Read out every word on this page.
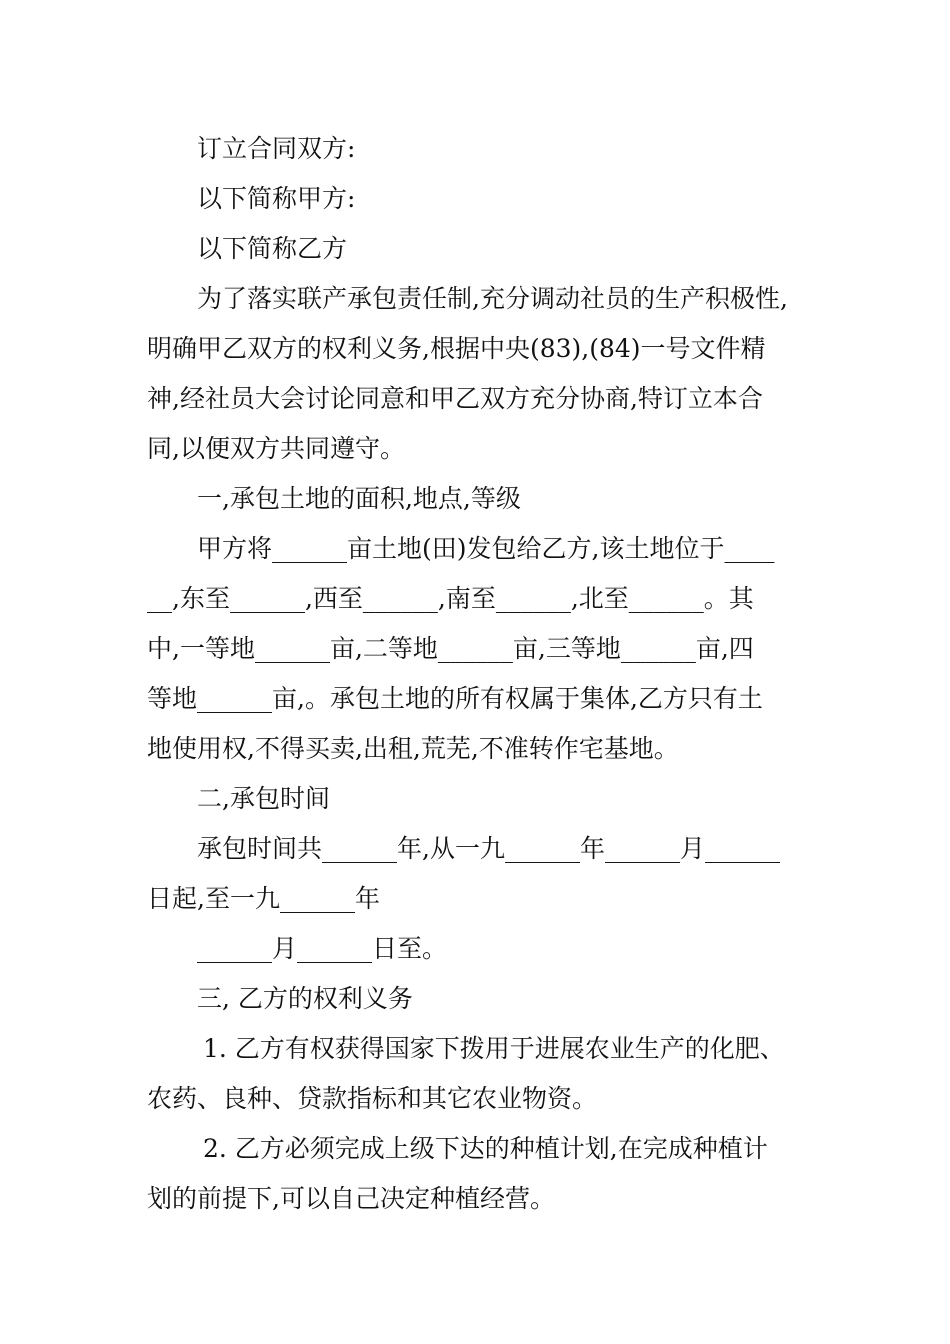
订立合同双方:
以下简称甲方:
以下简称乙方
为了落实联产承包责任制,充分调动社员的生产积极性,
明确甲乙双方的权利义务,根据中央(83),(84)一号文件精
神,经社员大会讨论同意和甲乙双方充分协商,特订立本合
同,以便双方共同遵守。
一,承包土地的面积,地点,等级
甲方将______亩土地(田)发包给乙方,该土地位于____
__,东至______,西至______,南至______,北至______。其
中,一等地______亩,二等地______亩,三等地______亩,四
等地______亩,。承包土地的所有权属于集体,乙方只有土
地使用权,不得买卖,出租,荒芜,不准转作宅基地。
二,承包时间
承包时间共______年,从一九______年______月______
日起,至一九______年
______月______日至。
三, 乙方的权利义务
1. 乙方有权获得国家下拨用于进展农业生产的化肥、
农药、良种、贷款指标和其它农业物资。
2. 乙方必须完成上级下达的种植计划,在完成种植计
划的前提下,可以自己决定种植经营。
